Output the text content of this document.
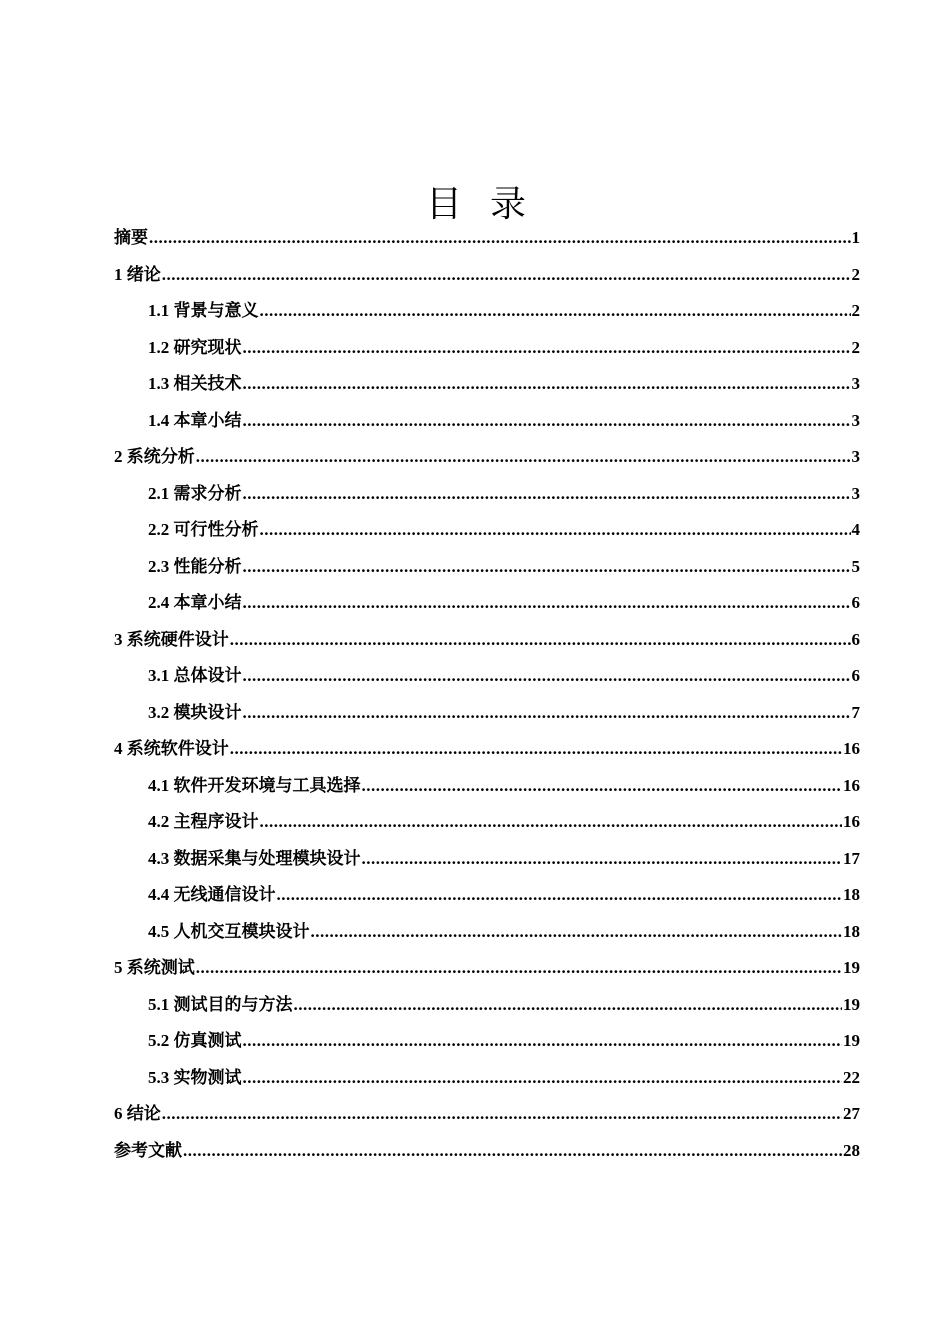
目录
摘要 .....	1
1 绪论 .....	2
1.1 背景与意义 .....	2
1.2 研究现状 .....	2
1.3 相关技术 .....	3
1.4 本章小结 .....	3
2 系统分析 .....	3
2.1 需求分析 .....	3
2.2 可行性分析 .....	4
2.3 性能分析 .....	5
2.4 本章小结 .....	6
3 系统硬件设计 .....	6
3.1 总体设计 .....	6
3.2 模块设计 .....	7
4 系统软件设计 .....	16
4.1 软件开发环境与工具选择 .....	16
4.2 主程序设计 .....	16
4.3 数据采集与处理模块设计 .....	17
4.4 无线通信设计 .....	18
4.5 人机交互模块设计 .....	18
5 系统测试 .....	19
5.1 测试目的与方法 .....	19
5.2 仿真测试 .....	19
5.3 实物测试 .....	22
6 结论 .....	27
参考文献 .....	28
